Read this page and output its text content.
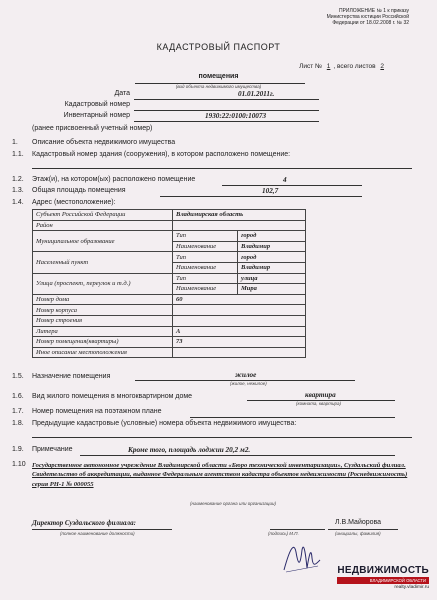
ПРИЛОЖЕНИЕ № 1 к приказу
Министерства юстиции Российской
Федерации от 18.02.2008 г. № 32
КАДАСТРОВЫЙ ПАСПОРТ
Лист № 1 , всего листов 2
помещения
(вид объекта недвижимого имущества)
Дата	01.01.2011г.
Кадастровый номер
Инвентарный номер	1930:22:0100:10073
(ранее присвоенный учетный номер)
1. Описание объекта недвижимого имущества
1.1. Кадастровый номер здания (сооружения), в котором расположено помещение:
1.2. Этаж(и), на котором(ых) расположено помещение	4
1.3. Общая площадь помещения	102,7
1.4. Адрес (местоположение):
Субъект Российской Федерации	Владимирская область	
Район		
Муниципальное образование	Тип	город
	Наименование	Владимир
Населенный пункт	Тип	город
	Наименование	Владимир
Улица (проспект, переулок и т.д.)	Тип	улица
	Наименование	Мира
Номер дома	60	
Номер корпуса		
Номер строения		
Литера	А	
Номер помещения(квартиры)	73	
Иное описание местоположения		
1.5. Назначение помещения	жилое
(жилое, нежилое)
1.6. Вид жилого помещения в многоквартирном доме	квартира
(комната, квартира)
1.7. Номер помещения на поэтажном плане
1.8. Предыдущие кадастровые (условные) номера объекта недвижимого имущества:
1.9. Примечание	Кроме того, площадь лоджии 20,2 м2.
1.10 Государственное автономное учреждение Владимирской области «Бюро технической инвентаризации», Суздальский филиал. Свидетельство об аккредитации, выданное Федеральным агентством кадастра объектов недвижимости (Роснедвижимость) серия РН-1 № 000055
(наименование органа или организации)
Директор Суздальского филиала:
(полное наименование должности)	(подпись) М.П.
Л.В.Майорова
(инициалы, фамилия)
НЕДВИЖИМОСТЬ
ВЛАДИМИРСКОЙ ОБЛАСТИ
realty.vladimir.ru
